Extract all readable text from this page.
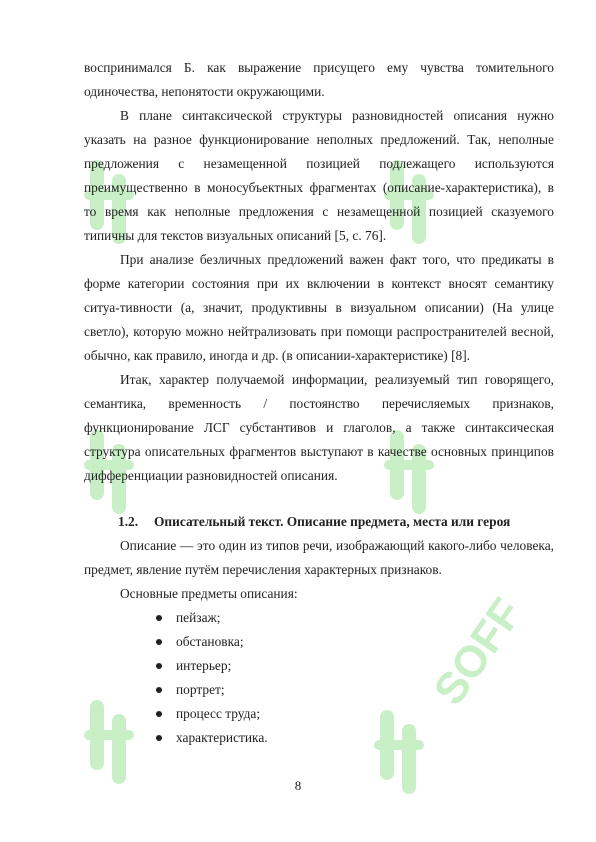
SOFF

воспринимался Б. как выражение присущего ему чувства томительного одиночества, непонятости окружающими.

В плане синтаксической структуры разновидностей описания нужно указать на разное функционирование неполных предложений. Так, неполные предложения с незамещенной позицией подлежащего используются преимущественно в моносубъектных фрагментах (описание-характеристика), в то время как неполные предложения с незамещенной позицией сказуемого типичны для текстов визуальных описаний [5, с. 76].

При анализе безличных предложений важен факт того, что предикаты в форме категории состояния при их включении в контекст вносят семантику ситуа-тивности (а, значит, продуктивны в визуальном описании) (На улице светло), которую можно нейтрализовать при помощи распространителей весной, обычно, как правило, иногда и др. (в описании-характеристике) [8].

Итак, характер получаемой информации, реализуемый тип говорящего, семантика, временность / постоянство перечисляемых признаков, функционирование ЛСГ субстантивов и глаголов, а также синтаксическая структура описательных фрагментов выступают в качестве основных принципов дифференциации разновидностей описания.

1.2. Описательный текст. Описание предмета, места или героя

Описание — это один из типов речи, изображающий какого-либо человека, предмет, явление путём перечисления характерных признаков.

Основные предметы описания:

пейзаж;
обстановка;
интерьер;
портрет;
процесс труда;
характеристика.
8
